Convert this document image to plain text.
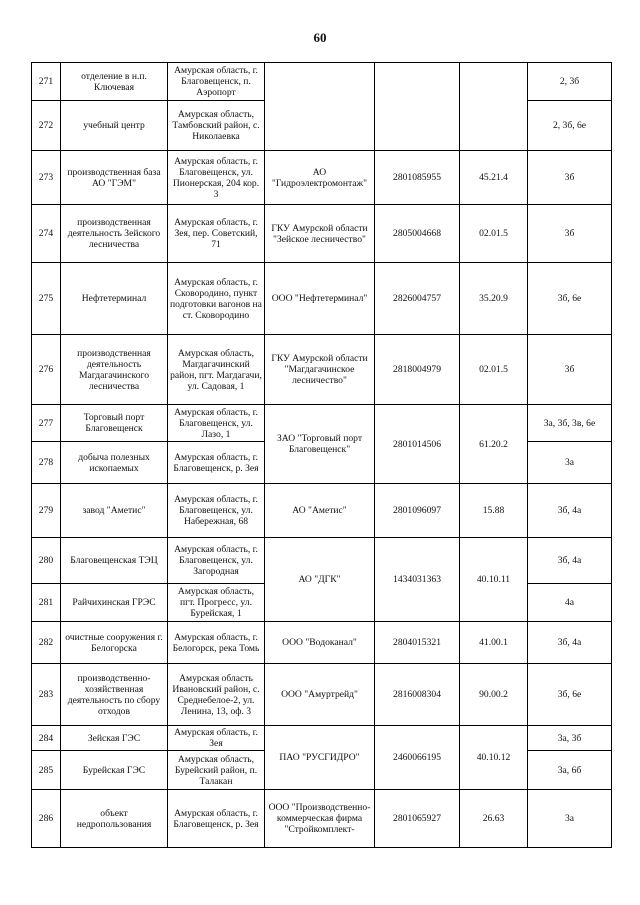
60
271	отделение в н.п. Ключевая	Амурская область, г. Благовещенск, п. Аэропорт				2, 3б
272	учебный центр	Амурская область, Тамбовский район, с. Николаевка				2, 3б, 6е
273	производственная база АО "ГЭМ"	Амурская область, г. Благовещенск, ул. Пионерская, 204 кор. 3	АО "Гидроэлектромонтаж"	2801085955	45.21.4	3б
274	производственная деятельность Зейского лесничества	Амурская область, г. Зея, пер. Советский, 71	ГКУ Амурской области "Зейское лесничество"	2805004668	02.01.5	3б
275	Нефтетерминал	Амурская область, г. Сковородино, пункт подготовки вагонов на ст. Сковородино	ООО "Нефтетерминал"	2826004757	35.20.9	3б, 6е
276	производственная деятельность Магдагачинского лесничества	Амурская область, Магдагачинский район, пгт. Магдагачи, ул. Садовая, 1	ГКУ Амурской области "Магдагачинское лесничество"	2818004979	02.01.5	3б
277	Торговый порт Благовещенск	Амурская область, г. Благовещенск, ул. Лазо, 1	ЗАО "Торговый порт Благовещенск"	2801014506	61.20.2	3а, 3б, 3в, 6е
278	добыча полезных ископаемых	Амурская область, г. Благовещенск, р. Зея				3а
279	завод "Аметис"	Амурская область, г. Благовещенск, ул. Набережная, 68	АО "Аметис"	2801096097	15.88	3б, 4а
280	Благовещенская ТЭЦ	Амурская область, г. Благовещенск, ул. Загородная	АО "ДГК"	1434031363	40.10.11	3б, 4а
281	Райчихинская ГРЭС	Амурская область, пгт. Прогресс, ул. Бурейская, 1				4а
282	очистные сооружения г. Белогорска	Амурская область, г. Белогорск, река Томь	ООО "Водоканал"	2804015321	41.00.1	3б, 4а
283	производственно-хозяйственная деятельность по сбору отходов	Амурская область Ивановский район, с. Среднебелое-2, ул. Ленина, 13, оф. 3	ООО "Амуртрейд"	2816008304	90.00.2	3б, 6е
284	Зейская ГЭС	Амурская область, г. Зея	ПАО "РУСГИДРО"	2460066195	40.10.12	3а, 3б
285	Бурейская ГЭС	Амурская область, Бурейский район, п. Талакан				3а, 6б
286	объект недропользования	Амурская область, г. Благовещенск, р. Зея	ООО "Производственно-коммерческая фирма "Стройкомплект-	2801065927	26.63	3а
